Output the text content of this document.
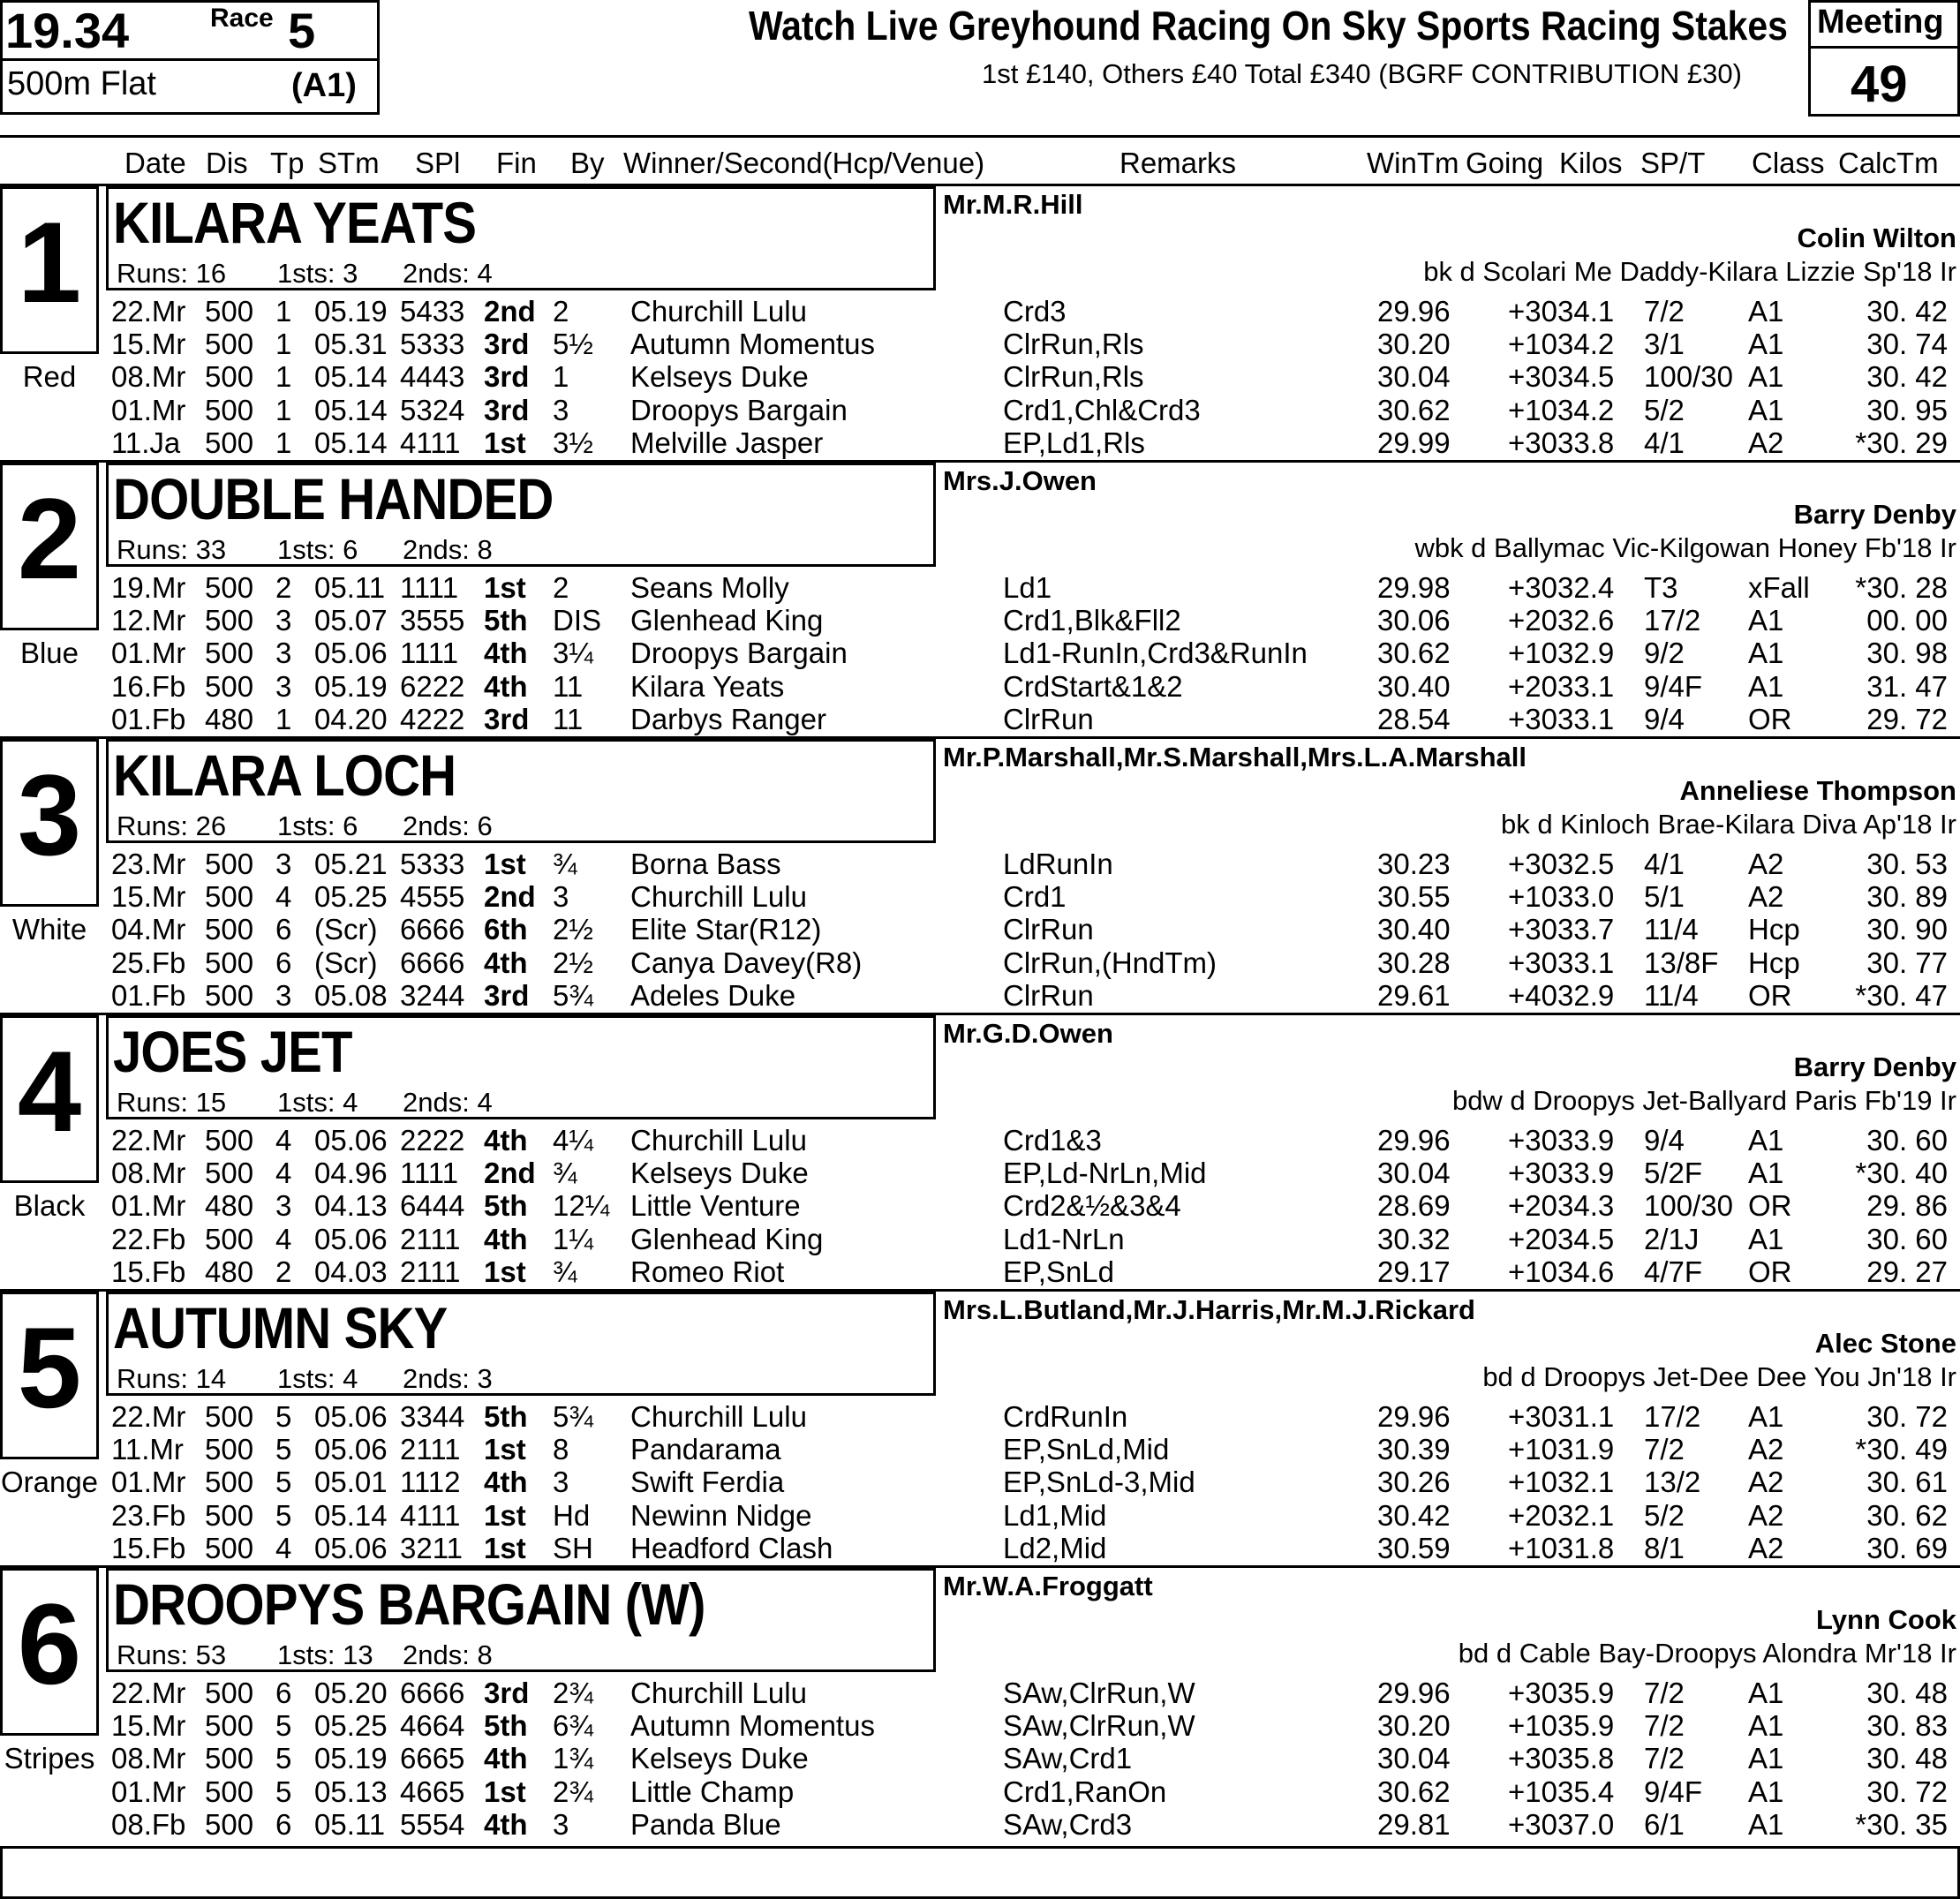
19.34	Race 5
500m Flat	(A1)
Watch Live Greyhound Racing On Sky Sports Racing Stakes
1st £140, Others £40 Total £340 (BGRF CONTRIBUTION £30)
Meeting
49
Date Dis Tp STm SPl Fin By Winner/Second(Hcp/Venue)	Remarks	WinTm Going Kilos SP/T Class CalcTm
1
Red
KILARA YEATS
Runs: 16 1sts: 3 2nds: 4
Mr.M.R.Hill
Colin Wilton
bk d Scolari Me Daddy-Kilara Lizzie Sp'18 Ir
22.Mr 500 1 05.19 5433 2nd 2 Churchill Lulu	Crd3	29.96 +30 34.1 7/2 A1	30. 42
15.Mr 500 1 05.31 5333 3rd 5½ Autumn Momentus	ClrRun,Rls	30.20 +10 34.2 3/1 A1	30. 74
08.Mr 500 1 05.14 4443 3rd 1 Kelseys Duke	ClrRun,Rls	30.04 +30 34.5 100/30 A1	30. 42
01.Mr 500 1 05.14 5324 3rd 3 Droopys Bargain	Crd1,Chl&Crd3	30.62 +10 34.2 5/2 A1	30. 95
11.Ja 500 1 05.14 4111 1st 3½ Melville Jasper	EP,Ld1,Rls	29.99 +30 33.8 4/1 A2 *30. 29
2
Blue
DOUBLE HANDED
Runs: 33 1sts: 6 2nds: 8
Mrs.J.Owen
Barry Denby
wbk d Ballymac Vic-Kilgowan Honey Fb'18 Ir
19.Mr 500 2 05.11 1111 1st 2 Seans Molly	Ld1	29.98 +30 32.4 T3 xFall *30. 28
12.Mr 500 3 05.07 3555 5th DIS Glenhead King	Crd1,Blk&Fll2	30.06 +20 32.6 17/2 A1	00. 00
01.Mr 500 3 05.06 1111 4th 3¼ Droopys Bargain	Ld1-RunIn,Crd3&RunIn 30.62 +10 32.9 9/2 A1	30. 98
16.Fb 500 3 05.19 6222 4th 11 Kilara Yeats	CrdStart&1&2	30.40 +20 33.1 9/4F A1	31. 47
01.Fb 480 1 04.20 4222 3rd 11 Darbys Ranger	ClrRun	28.54 +30 33.1 9/4 OR	29. 72
3
White
KILARA LOCH
Runs: 26 1sts: 6 2nds: 6
Mr.P.Marshall,Mr.S.Marshall,Mrs.L.A.Marshall
Anneliese Thompson
bk d Kinloch Brae-Kilara Diva Ap'18 Ir
23.Mr 500 3 05.21 5333 1st ¾ Borna Bass	LdRunIn	30.23 +30 32.5 4/1 A2	30. 53
15.Mr 500 4 05.25 4555 2nd 3 Churchill Lulu	Crd1	30.55 +10 33.0 5/1 A2	30. 89
04.Mr 500 6 (Scr) 6666 6th 2½ Elite Star(R12)	ClrRun	30.40 +30 33.7 11/4 Hcp 30. 90
25.Fb 500 6 (Scr) 6666 4th 2½ Canya Davey(R8)	ClrRun,(HndTm)	30.28 +30 33.1 13/8F Hcp 30. 77
01.Fb 500 3 05.08 3244 3rd 5¾ Adeles Duke	ClrRun	29.61 +40 32.9 11/4 OR *30. 47
4
Black
JOES JET
Runs: 15 1sts: 4 2nds: 4
Mr.G.D.Owen
Barry Denby
bdw d Droopys Jet-Ballyard Paris Fb'19 Ir
22.Mr 500 4 05.06 2222 4th 4¼ Churchill Lulu	Crd1&3	29.96 +30 33.9 9/4 A1	30. 60
08.Mr 500 4 04.96 1111 2nd ¾ Kelseys Duke	EP,Ld-NrLn,Mid	30.04 +30 33.9 5/2F A1 *30. 40
01.Mr 480 3 04.13 6444 5th 12¼ Little Venture	Crd2&½&3&4	28.69 +20 34.3 100/30 OR	29. 86
22.Fb 500 4 05.06 2111 4th 1¼ Glenhead King	Ld1-NrLn	30.32 +20 34.5 2/1J A1	30. 60
15.Fb 480 2 04.03 2111 1st ¾ Romeo Riot	EP,SnLd	29.17 +10 34.6 4/7F OR	29. 27
5
Orange
AUTUMN SKY
Runs: 14 1sts: 4 2nds: 3
Mrs.L.Butland,Mr.J.Harris,Mr.M.J.Rickard
Alec Stone
bd d Droopys Jet-Dee Dee You Jn'18 Ir
22.Mr 500 5 05.06 3344 5th 5¾ Churchill Lulu	CrdRunIn	29.96 +30 31.1 17/2 A1	30. 72
11.Mr 500 5 05.06 2111 1st 8 Pandarama	EP,SnLd,Mid	30.39 +10 31.9 7/2 A2 *30. 49
01.Mr 500 5 05.01 1112 4th 3 Swift Ferdia	EP,SnLd-3,Mid	30.26 +10 32.1 13/2 A2	30. 61
23.Fb 500 5 05.14 4111 1st Hd Newinn Nidge	Ld1,Mid	30.42 +20 32.1 5/2 A2	30. 62
15.Fb 500 4 05.06 3211 1st SH Headford Clash	Ld2,Mid	30.59 +10 31.8 8/1 A2	30. 69
6
Stripes
DROOPYS BARGAIN (W)
Runs: 53 1sts: 13 2nds: 8
Mr.W.A.Froggatt
Lynn Cook
bd d Cable Bay-Droopys Alondra Mr'18 Ir
22.Mr 500 6 05.20 6666 3rd 2¾ Churchill Lulu	SAw,ClrRun,W	29.96 +30 35.9 7/2 A1	30. 48
15.Mr 500 5 05.25 4664 5th 6¾ Autumn Momentus	SAw,ClrRun,W	30.20 +10 35.9 7/2 A1	30. 83
08.Mr 500 5 05.19 6665 4th 1¾ Kelseys Duke	SAw,Crd1	30.04 +30 35.8 7/2 A1	30. 48
01.Mr 500 5 05.13 4665 1st 2¾ Little Champ	Crd1,RanOn	30.62 +10 35.4 9/4F A1	30. 72
08.Fb 500 6 05.11 5554 4th 3 Panda Blue	SAw,Crd3	29.81 +30 37.0 6/1 A1 *30. 35
